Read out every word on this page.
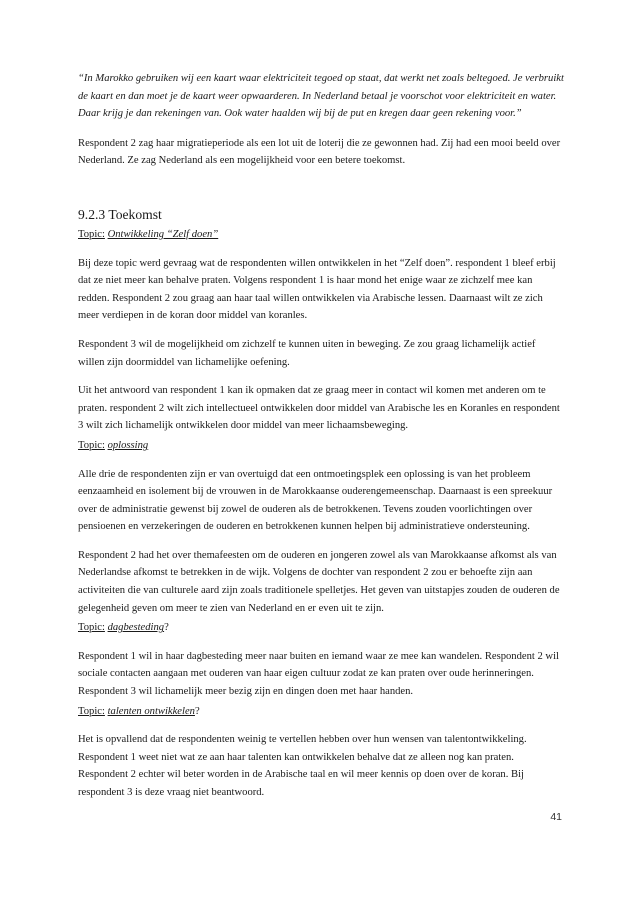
“In Marokko gebruiken wij een kaart waar elektriciteit tegoed op staat, dat werkt net zoals beltegoed. Je verbruikt de kaart en dan moet je de kaart weer opwaarderen. In Nederland betaal je voorschot voor elektriciteit en water. Daar krijg je dan rekeningen van. Ook water haalden wij bij de put en kregen daar geen rekening voor.”

Respondent 2 zag haar migratieperiode als een lot uit de loterij die ze gewonnen had. Zij had een mooi beeld over Nederland. Ze zag Nederland als een mogelijkheid voor een betere toekomst.

9.2.3 Toekomst

Topic: Ontwikkeling “Zelf doen”

Bij deze topic werd gevraag wat de respondenten willen ontwikkelen in het “Zelf doen”. respondent 1 bleef erbij dat ze niet meer kan behalve praten. Volgens respondent 1 is haar mond het enige waar ze zichzelf mee kan redden. Respondent 2 zou graag aan haar taal willen ontwikkelen via Arabische lessen. Daarnaast wilt ze zich meer verdiepen in de koran door middel van koranles.

Respondent 3 wil de mogelijkheid om zichzelf te kunnen uiten in beweging. Ze zou graag lichamelijk actief willen zijn doormiddel van lichamelijke oefening.

Uit het antwoord van respondent 1 kan ik opmaken dat ze graag meer in contact wil komen met anderen om te praten. respondent 2 wilt zich intellectueel ontwikkelen door middel van Arabische les en Koranles en respondent 3 wilt zich lichamelijk ontwikkelen door middel van meer lichaamsbeweging.

Topic: oplossing

Alle drie de respondenten zijn er van overtuigd dat een ontmoetingsplek een oplossing is van het probleem eenzaamheid en isolement bij de vrouwen in de Marokkaanse ouderengemeenschap. Daarnaast is een spreekuur over de administratie gewenst bij zowel de ouderen als de betrokkenen. Tevens zouden voorlichtingen over pensioenen en verzekeringen de ouderen en betrokkenen kunnen helpen bij administratieve ondersteuning.

Respondent 2 had het over themafeesten om de ouderen en jongeren zowel als van Marokkaanse afkomst als van Nederlandse afkomst te betrekken in de wijk. Volgens de dochter van respondent 2 zou er behoefte zijn aan activiteiten die van culturele aard zijn zoals traditionele spelletjes. Het geven van uitstapjes zouden de ouderen de gelegenheid geven om meer te zien van Nederland en er even uit te zijn.

Topic: dagbesteding?

Respondent 1 wil in haar dagbesteding meer naar buiten en iemand waar ze mee kan wandelen. Respondent 2 wil sociale contacten aangaan met ouderen van haar eigen cultuur zodat ze kan praten over oude herinneringen. Respondent 3 wil lichamelijk meer bezig zijn en dingen doen met haar handen.

Topic: talenten ontwikkelen?

Het is opvallend dat de respondenten weinig te vertellen hebben over hun wensen van talentontwikkeling. Respondent 1 weet niet wat ze aan haar talenten kan ontwikkelen behalve dat ze alleen nog kan praten. Respondent 2 echter wil beter worden in de Arabische taal en wil meer kennis op doen over de koran. Bij respondent 3 is deze vraag niet beantwoord.

41
